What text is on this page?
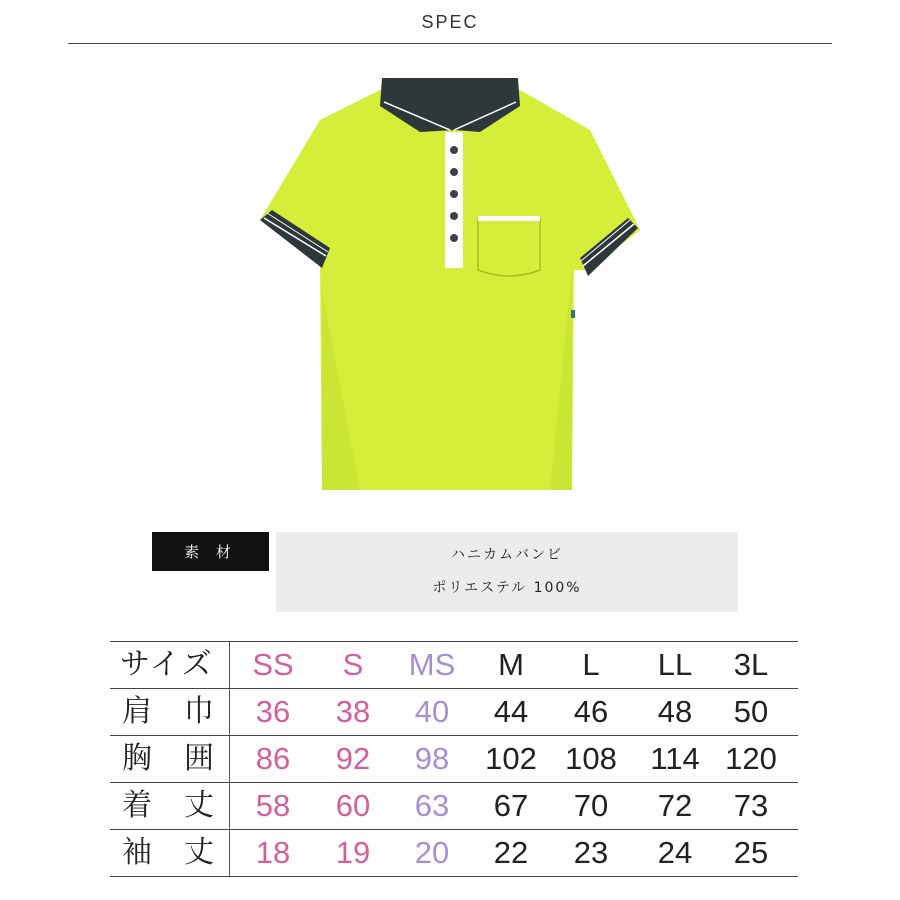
SPEC
素 材	ハニカムバンビ
ポリエステル 100%
サイズ	SS	S	MS	M	L	LL	3L
肩 巾	36	38	40	44	46	48	50
胸 囲	86	92	98	102 108	114 120
着 丈	58	60	63	67	70	72	73
袖 丈	18	19	20	22	23	24	25
